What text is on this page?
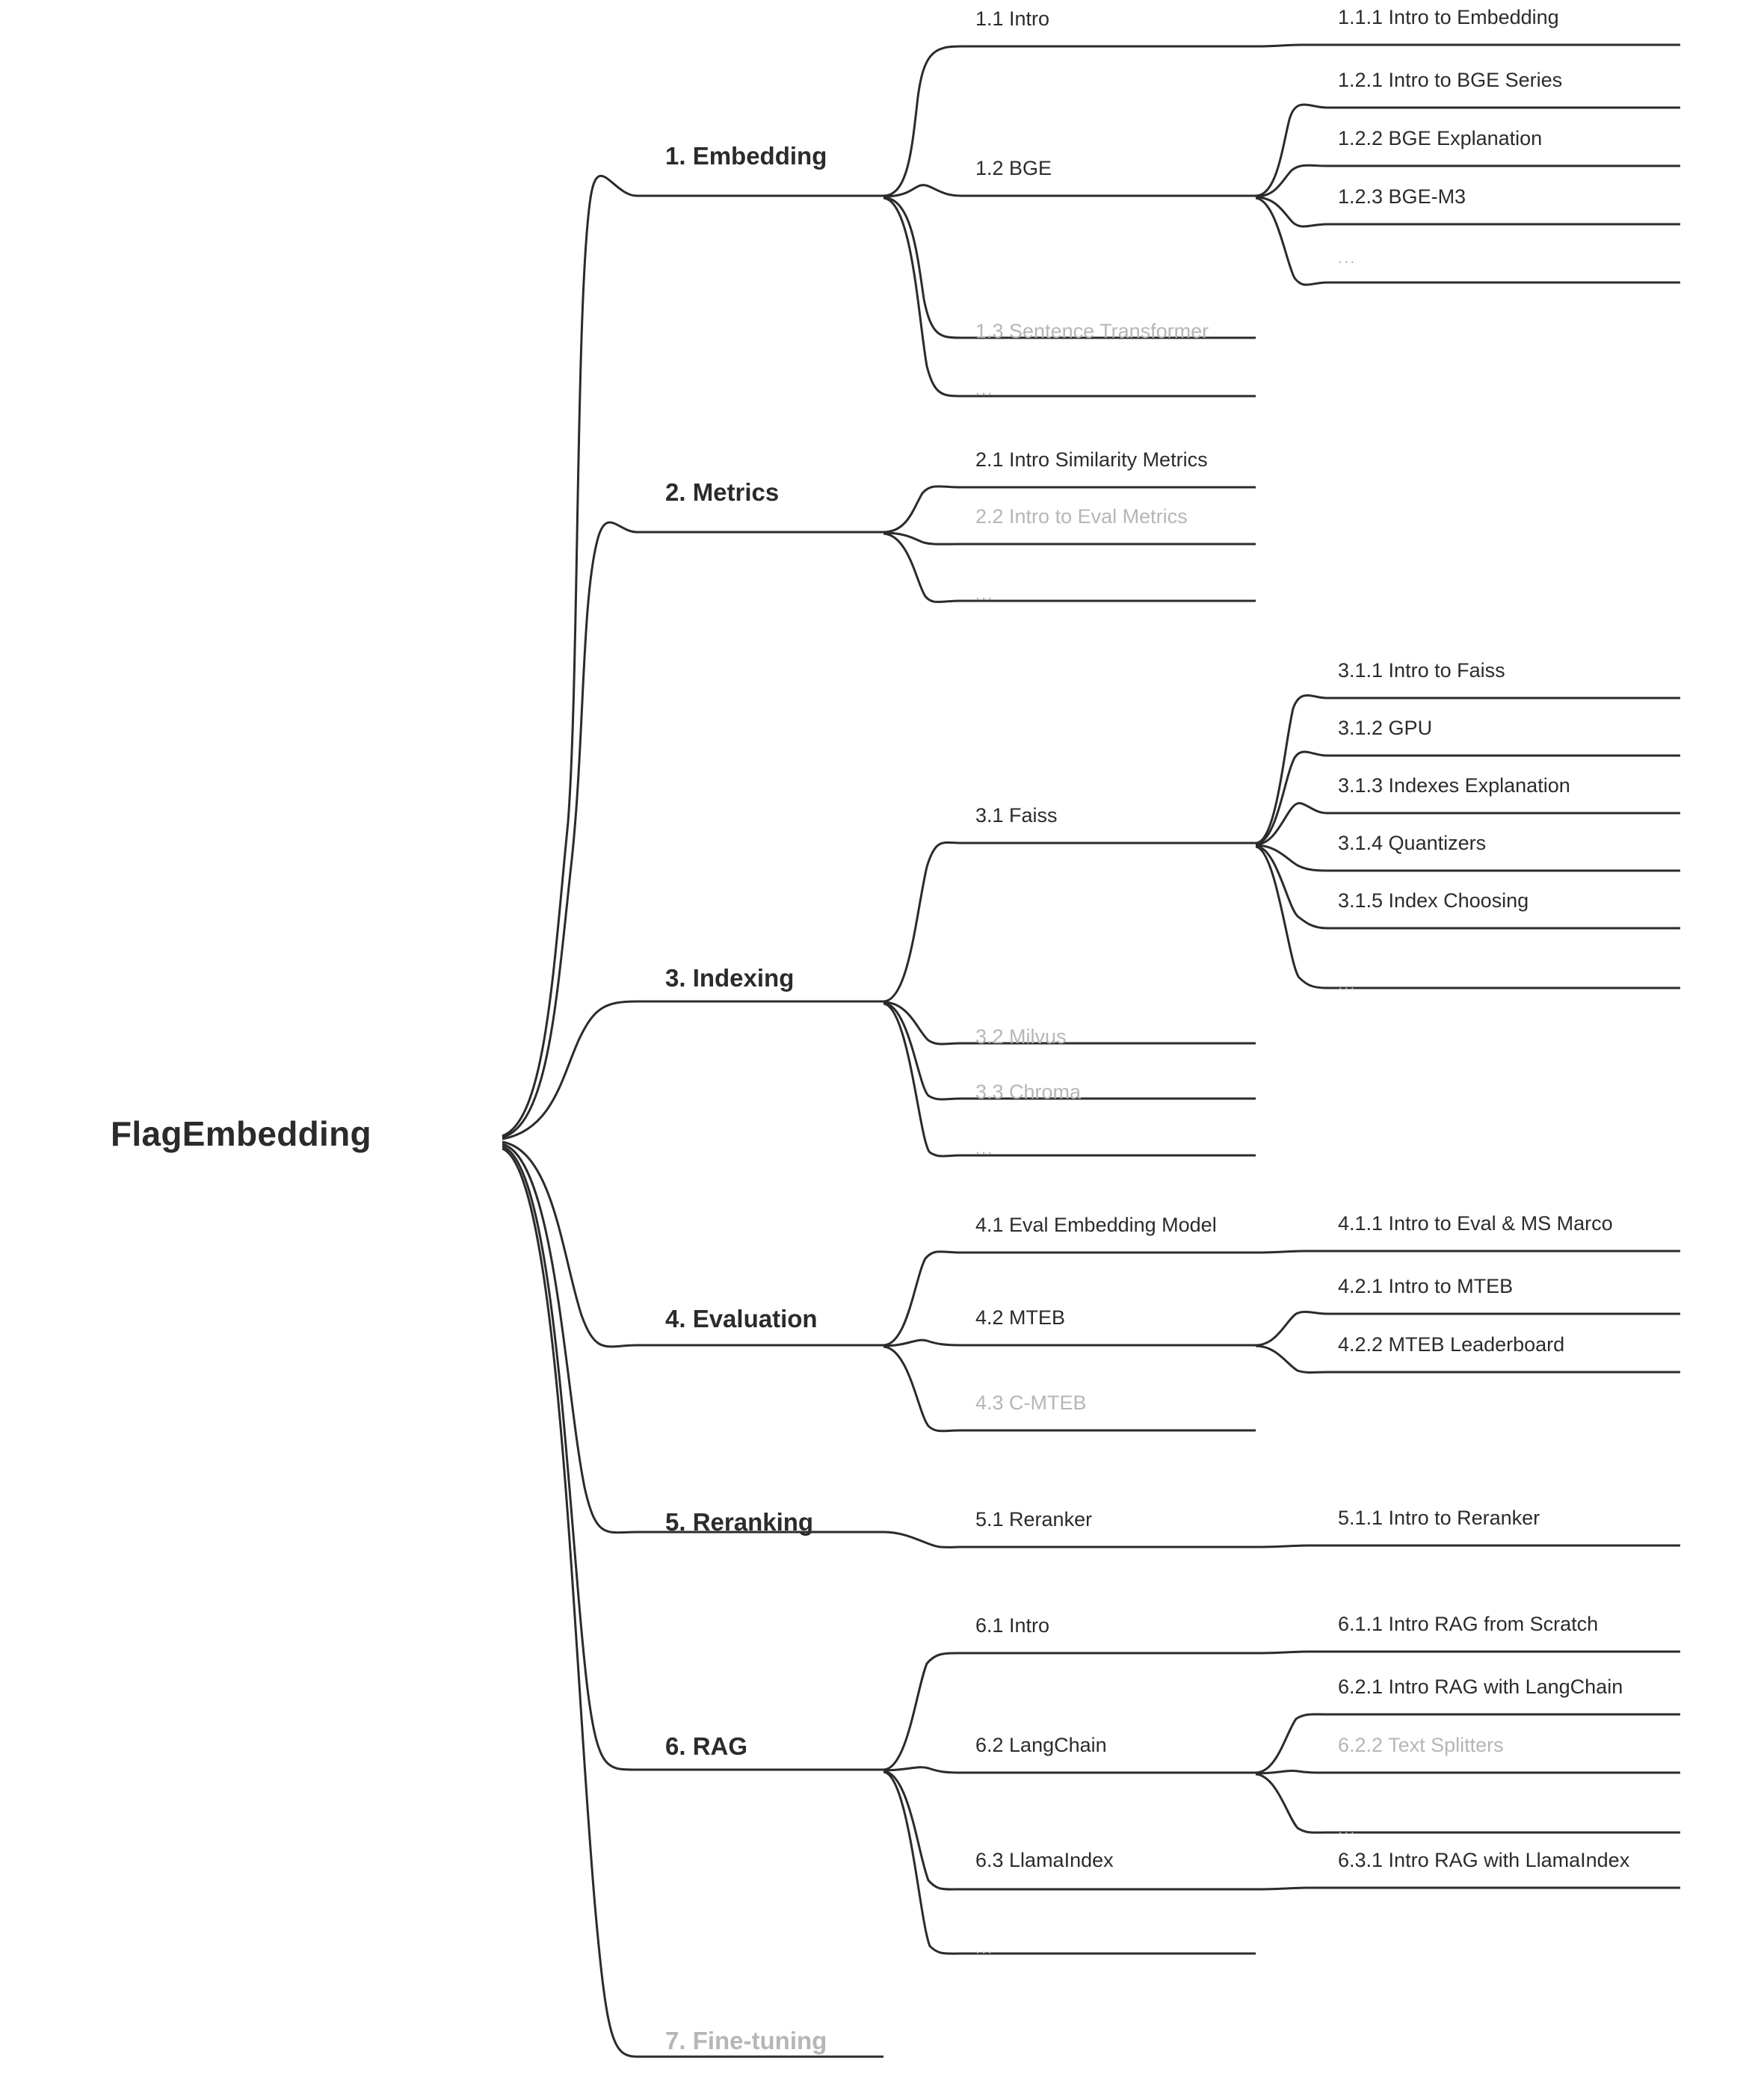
FlagEmbedding
1. Embedding
1.1 Intro	1.1.1 Intro to Embedding
1.2 BGE
1.2.1 Intro to BGE Series
1.2.2 BGE Explanation
1.2.3 BGE-M3
...
1.3 Sentence Transformer
...
2. Metrics
2.1 Intro Similarity Metrics
2.2 Intro to Eval Metrics
...
3. Indexing
3.1 Faiss
3.1.1 Intro to Faiss
3.1.2 GPU
3.1.3 Indexes Explanation
3.1.4 Quantizers
3.1.5 Index Choosing
...
3.2 Milvus
3.3 Chroma
...
4. Evaluation
4.1 Eval Embedding Model	4.1.1 Intro to Eval & MS Marco
4.2 MTEB
4.2.1 Intro to MTEB
4.2.2 MTEB Leaderboard
4.3 C-MTEB
5. Reranking	5.1 Reranker	5.1.1 Intro to Reranker
6. RAG
6.1 Intro	6.1.1 Intro RAG from Scratch
6.2 LangChain
6.2.1 Intro RAG with LangChain
6.2.2 Text Splitters
...
6.3 LlamaIndex	6.3.1 Intro RAG with LlamaIndex
...
7. Fine-tuning
